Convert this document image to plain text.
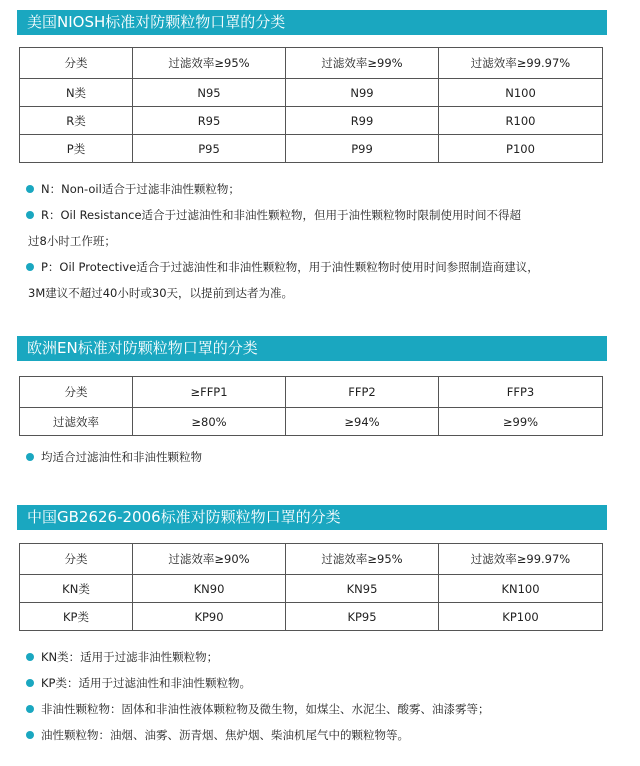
美国NIOSH标准对防颗粒物口罩的分类
分类	过滤效率≥95%	过滤效率≥99%	过滤效率≥99.97%
N类	N95	N99	N100
R类	R95	R99	R100
P类	P95	P99	P100
N：Non-oil适合于过滤非油性颗粒物；
R：Oil Resistance适合于过滤油性和非油性颗粒物，但用于油性颗粒物时限制使用时间不得超
过8小时工作班；
P：Oil Protective适合于过滤油性和非油性颗粒物，用于油性颗粒物时使用时间参照制造商建议，
3M建议不超过40小时或30天，以提前到达者为准。
欧洲EN标准对防颗粒物口罩的分类
分类	≥FFP1	FFP2	FFP3
过滤效率	≥80%	≥94%	≥99%
均适合过滤油性和非油性颗粒物
中国GB2626-2006标准对防颗粒物口罩的分类
分类	过滤效率≥90%	过滤效率≥95%	过滤效率≥99.97%
KN类	KN90	KN95	KN100
KP类	KP90	KP95	KP100
KN类：适用于过滤非油性颗粒物；
KP类：适用于过滤油性和非油性颗粒物。
非油性颗粒物：固体和非油性液体颗粒物及微生物，如煤尘、水泥尘、酸雾、油漆雾等；
油性颗粒物：油烟、油雾、沥青烟、焦炉烟、柴油机尾气中的颗粒物等。
